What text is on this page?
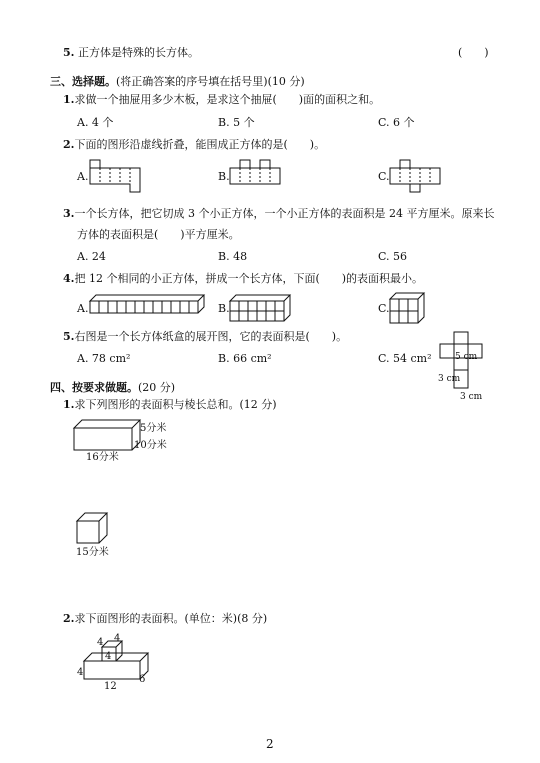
5. 正方体是特殊的长方体。	(　　)
三、选择题。(将正确答案的序号填在括号里)(10 分)
1.求做一个抽屉用多少木板，是求这个抽屉(　　)面的面积之和。
A. 4 个	B. 5 个	C. 6 个
2.下面的图形沿虚线折叠，能围成正方体的是(　　)。
A.	B.	C.
3.一个长方体，把它切成 3 个小正方体，一个小正方体的表面积是 24 平方厘米。原来长
方体的表面积是(　　)平方厘米。
A. 24	B. 48	C. 56
4.把 12 个相同的小正方体，拼成一个长方体，下面(　　)的表面积最小。
A.	B.	C.
5.右图是一个长方体纸盒的展开图，它的表面积是(　　)。
A. 78 cm²	B. 66 cm²	C. 54 cm²	5 cm
3 cm
3 cm
四、按要求做题。(20 分)
1.求下列图形的表面积与棱长总和。(12 分)
5分米
10分米
16分米
15分米
2.求下面图形的表面积。(单位：米)(8 分)
4 4
4
4
12
6
2
